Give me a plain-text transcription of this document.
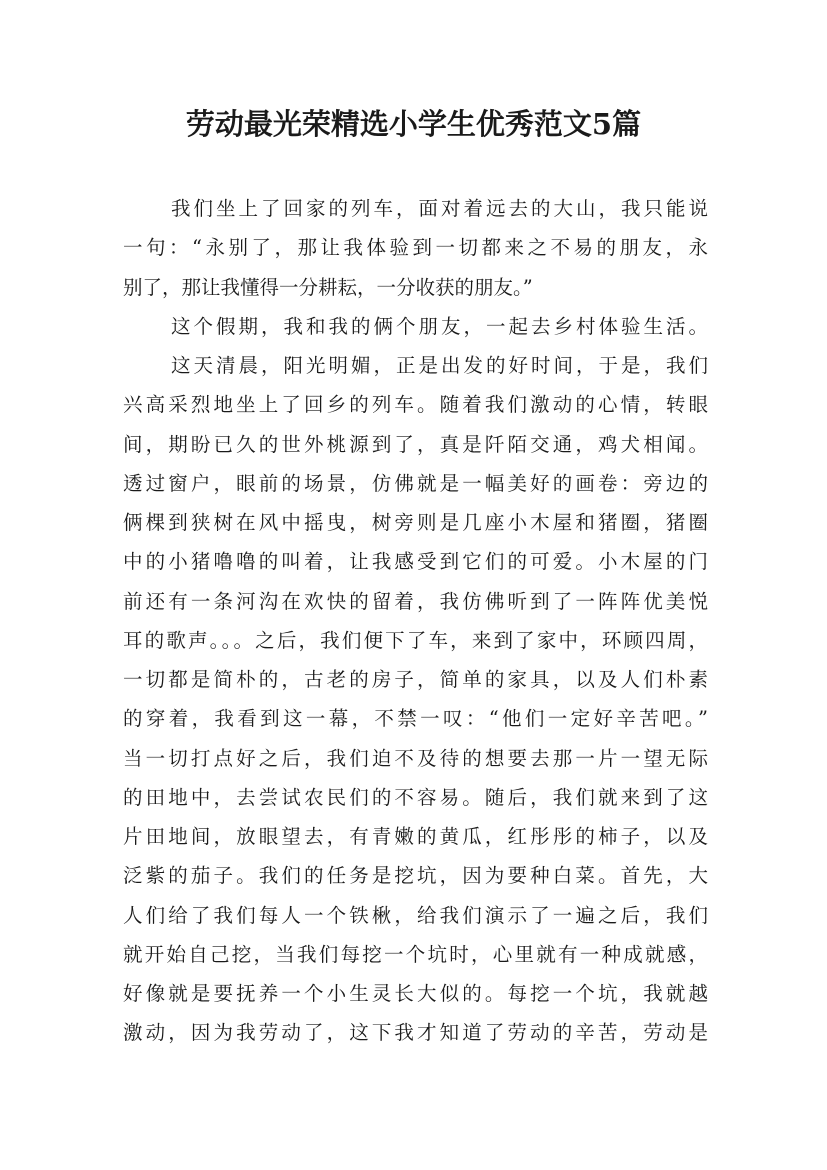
劳动最光荣精选小学生优秀范文5篇
我们坐上了回家的列车，面对着远去的大山，我只能说
一句：“永别了，那让我体验到一切都来之不易的朋友，永
别了，那让我懂得一分耕耘，一分收获的朋友。”
这个假期，我和我的俩个朋友，一起去乡村体验生活。
这天清晨，阳光明媚，正是出发的好时间，于是，我们
兴高采烈地坐上了回乡的列车。随着我们激动的心情，转眼
间，期盼已久的世外桃源到了，真是阡陌交通，鸡犬相闻。
透过窗户，眼前的场景，仿佛就是一幅美好的画卷：旁边的
俩棵到狭树在风中摇曳，树旁则是几座小木屋和猪圈，猪圈
中的小猪噜噜的叫着，让我感受到它们的可爱。小木屋的门
前还有一条河沟在欢快的留着，我仿佛听到了一阵阵优美悦
耳的歌声。。。之后，我们便下了车，来到了家中，环顾四周，
一切都是简朴的，古老的房子，简单的家具，以及人们朴素
的穿着，我看到这一幕，不禁一叹：“他们一定好辛苦吧。”
当一切打点好之后，我们迫不及待的想要去那一片一望无际
的田地中，去尝试农民们的不容易。随后，我们就来到了这
片田地间，放眼望去，有青嫩的黄瓜，红彤彤的柿子，以及
泛紫的茄子。我们的任务是挖坑，因为要种白菜。首先，大
人们给了我们每人一个铁楸，给我们演示了一遍之后，我们
就开始自己挖，当我们每挖一个坑时，心里就有一种成就感，
好像就是要抚养一个小生灵长大似的。每挖一个坑，我就越
激动，因为我劳动了，这下我才知道了劳动的辛苦，劳动是
